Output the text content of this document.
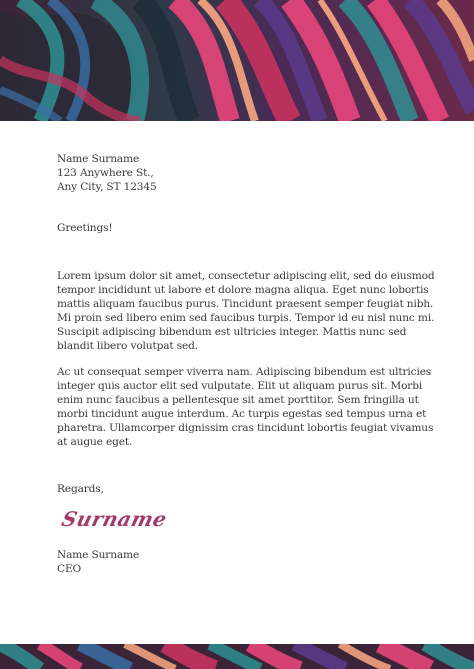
Name Surname
123 Anywhere St.,
Any City, ST 12345
Greetings!
Lorem ipsum dolor sit amet, consectetur adipiscing elit, sed do eiusmod
tempor incididunt ut labore et dolore magna aliqua. Eget nunc lobortis
mattis aliquam faucibus purus. Tincidunt praesent semper feugiat nibh.
Mi proin sed libero enim sed faucibus turpis. Tempor id eu nisl nunc mi.
Suscipit adipiscing bibendum est ultricies integer. Mattis nunc sed
blandit libero volutpat sed.
Ac ut consequat semper viverra nam. Adipiscing bibendum est ultricies
integer quis auctor elit sed vulputate. Elit ut aliquam purus sit. Morbi
enim nunc faucibus a pellentesque sit amet porttitor. Sem fringilla ut
morbi tincidunt augue interdum. Ac turpis egestas sed tempus urna et
pharetra. Ullamcorper dignissim cras tincidunt lobortis feugiat vivamus
at augue eget.
Regards,
Surname
Name Surname
CEO
